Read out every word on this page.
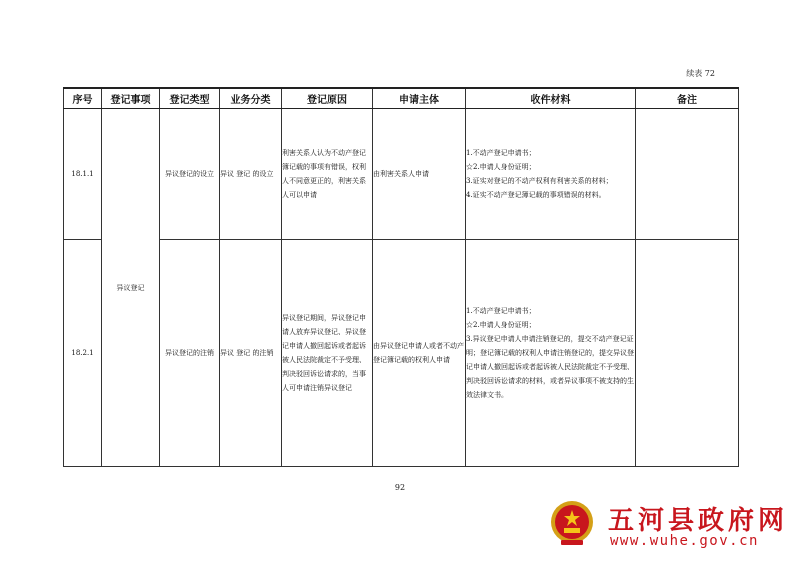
续表 72
序号	登记事项	登记类型	业务分类	登记原因	申请主体	收件材料	备注
18.1.1	异议登记	异议登记的设立	异议 登记 的设立	利害关系人认为不动产登记簿记载的事项有错误，权利人不同意更正的，利害关系人可以申请	由利害关系人申请	1.不动产登记申请书；
☆2.申请人身份证明；
3.证实对登记的不动产权利有利害关系的材料；
4.证实不动产登记簿记载的事项错误的材料。	

18.2.1		异议登记的注销	异议 登记 的注销	异议登记期间，异议登记申请人放弃异议登记、异议登记申请人撤回起诉或者起诉被人民法院裁定不予受理、判决驳回诉讼请求的，当事人可申请注销异议登记	由异议登记申请人或者不动产登记簿记载的权利人申请	1.不动产登记申请书；
☆2.申请人身份证明；
3.异议登记申请人申请注销登记的，提交不动产登记证明；登记簿记载的权利人申请注销登记的，提交异议登记申请人撤回起诉或者起诉被人民法院裁定不予受理、判决驳回诉讼请求的材料，或者异议事项不被支持的生效法律文书。	

92
五河县政府网
www.wuhe.gov.cn
